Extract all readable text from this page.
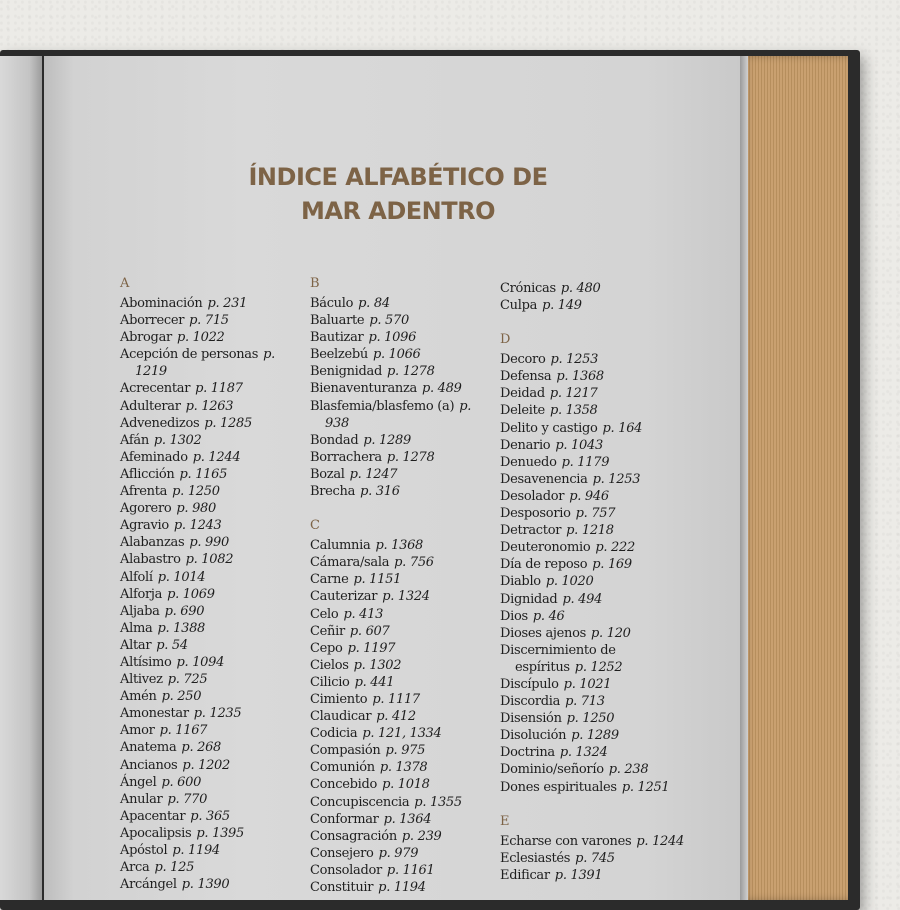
ÍNDICE ALFABÉTICO DE
MAR ADENTRO
A
Abominación p. 231
Aborrecer p. 715
Abrogar p. 1022
Acepción de personas p. 1219
Acrecentar p. 1187
Adulterar p. 1263
Advenedizos p. 1285
Afán p. 1302
Afeminado p. 1244
Aflicción p. 1165
Afrenta p. 1250
Agorero p. 980
Agravio p. 1243
Alabanzas p. 990
Alabastro p. 1082
Alfolí p. 1014
Alforja p. 1069
Aljaba p. 690
Alma p. 1388
Altar p. 54
Altísimo p. 1094
Altivez p. 725
Amén p. 250
Amonestar p. 1235
Amor p. 1167
Anatema p. 268
Ancianos p. 1202
Ángel p. 600
Anular p. 770
Apacentar p. 365
Apocalipsis p. 1395
Apóstol p. 1194
Arca p. 125
Arcángel p. 1390
B
Báculo p. 84
Baluarte p. 570
Bautizar p. 1096
Beelzebú p. 1066
Benignidad p. 1278
Bienaventuranza p. 489
Blasfemia/blasfemo (a) p. 938
Bondad p. 1289
Borrachera p. 1278
Bozal p. 1247
Brecha p. 316
C
Calumnia p. 1368
Cámara/sala p. 756
Carne p. 1151
Cauterizar p. 1324
Celo p. 413
Ceñir p. 607
Cepo p. 1197
Cielos p. 1302
Cilicio p. 441
Cimiento p. 1117
Claudicar p. 412
Codicia p. 121, 1334
Compasión p. 975
Comunión p. 1378
Concebido p. 1018
Concupiscencia p. 1355
Conformar p. 1364
Consagración p. 239
Consejero p. 979
Consolador p. 1161
Constituir p. 1194
Crónicas p. 480
Culpa p. 149
D
Decoro p. 1253
Defensa p. 1368
Deidad p. 1217
Deleite p. 1358
Delito y castigo p. 164
Denario p. 1043
Denuedo p. 1179
Desavenencia p. 1253
Desolador p. 946
Desposorio p. 757
Detractor p. 1218
Deuteronomio p. 222
Día de reposo p. 169
Diablo p. 1020
Dignidad p. 494
Dios p. 46
Dioses ajenos p. 120
Discernimiento de espíritus p. 1252
Discípulo p. 1021
Discordia p. 713
Disensión p. 1250
Disolución p. 1289
Doctrina p. 1324
Dominio/señorío p. 238
Dones espirituales p. 1251
E
Echarse con varones p. 1244
Eclesiastés p. 745
Edificar p. 1391
